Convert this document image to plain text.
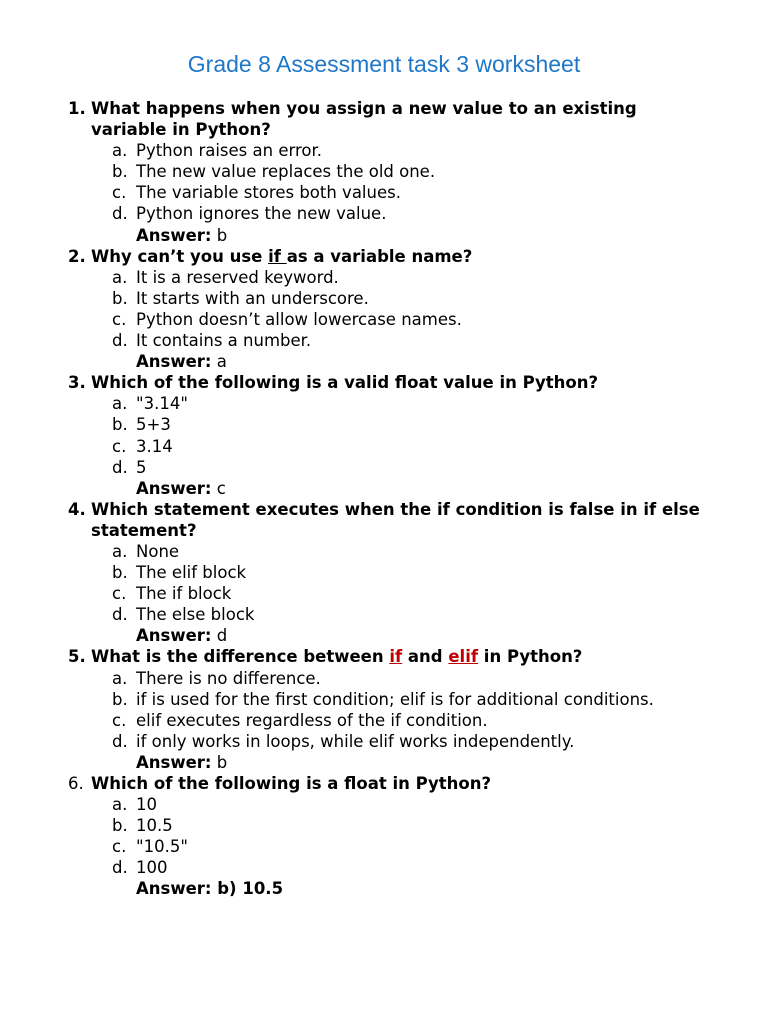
Grade 8 Assessment task 3 worksheet
1. What happens when you assign a new value to an existing variable in Python?
a. Python raises an error.
b. The new value replaces the old one.
c. The variable stores both values.
d. Python ignores the new value.
Answer: b
2. Why can’t you use if as a variable name?
a. It is a reserved keyword.
b. It starts with an underscore.
c. Python doesn’t allow lowercase names.
d. It contains a number.
Answer: a
3. Which of the following is a valid float value in Python?
a. "3.14"
b. 5+3
c. 3.14
d. 5
Answer: c
4. Which statement executes when the if condition is false in if else statement?
a. None
b. The elif block
c. The if block
d. The else block
Answer: d
5. What is the difference between if and elif in Python?
a. There is no difference.
b. if is used for the first condition; elif is for additional conditions.
c. elif executes regardless of the if condition.
d. if only works in loops, while elif works independently.
Answer: b
6. Which of the following is a float in Python?
a. 10
b. 10.5
c. "10.5"
d. 100
Answer: b) 10.5
